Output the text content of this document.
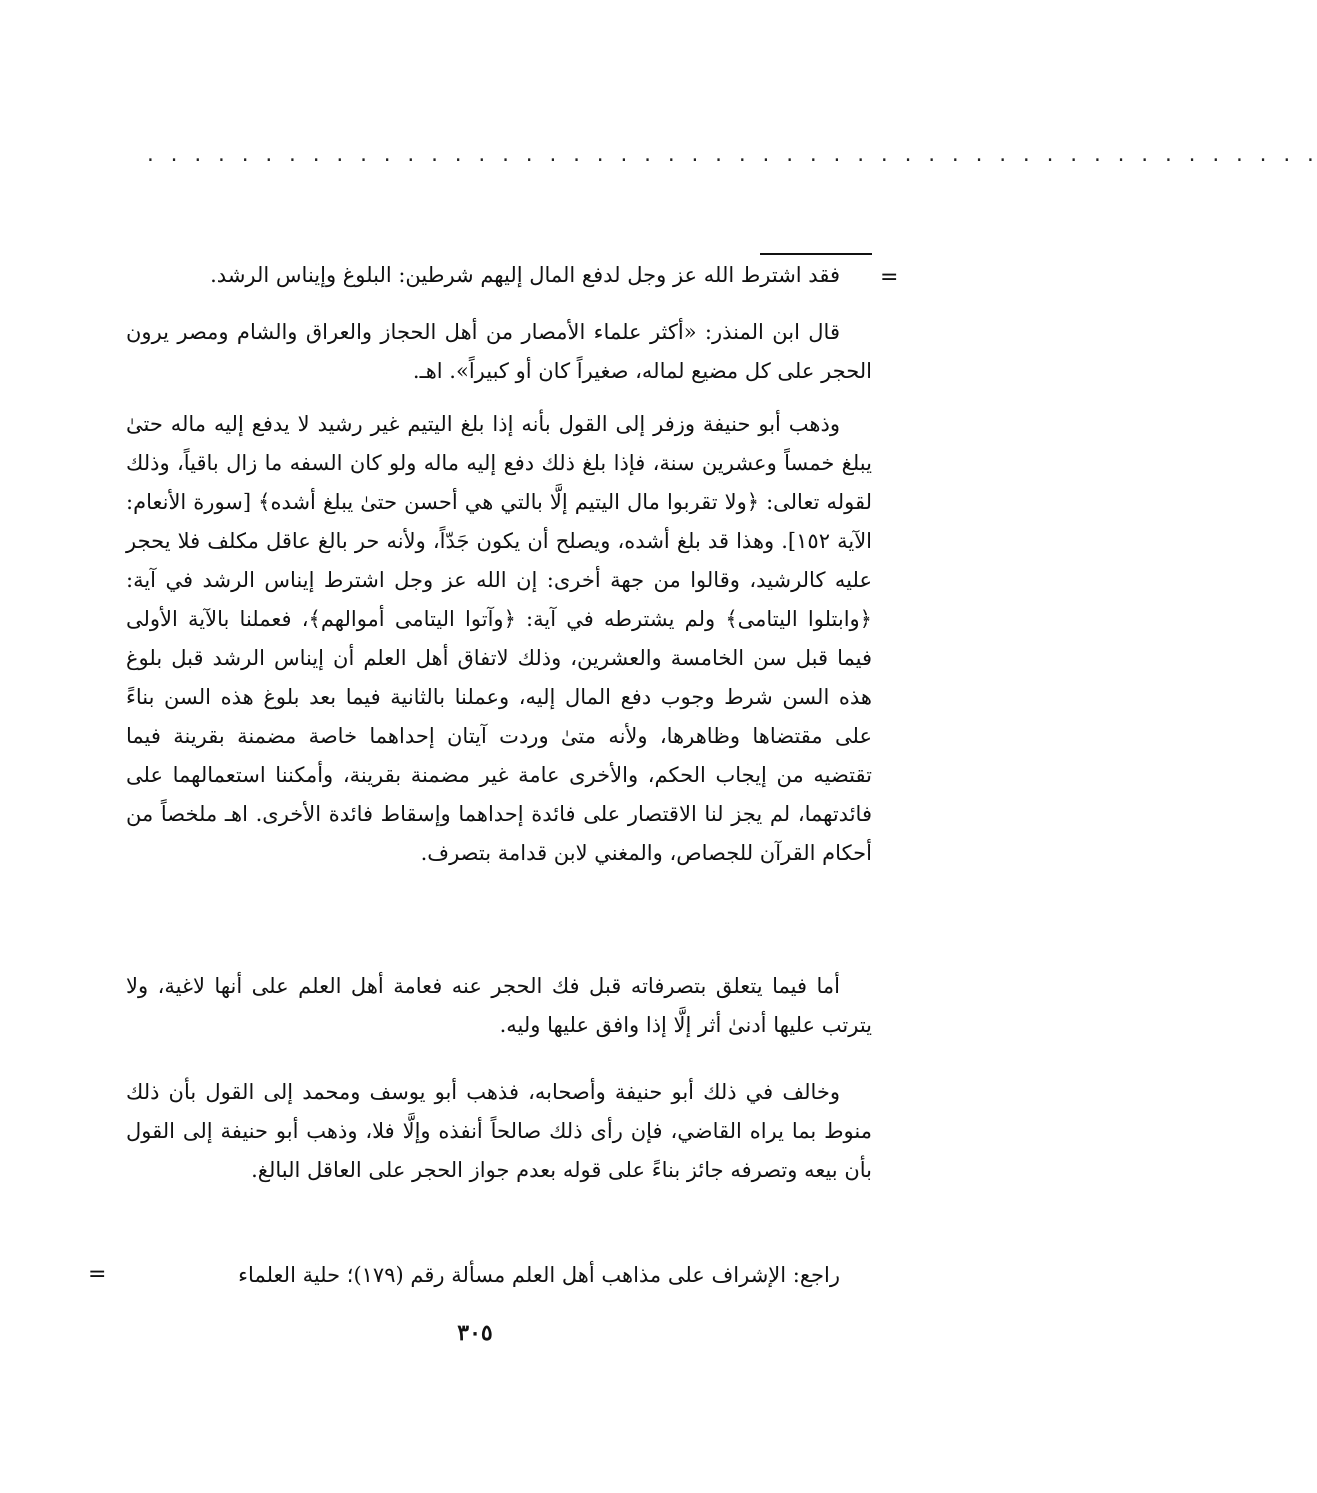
. . . . . . . . . . . . . . . . . . . . . . . . . . . . . . . . . . . . . . . . . . . . . . . . . .
=
فقد اشترط الله عز وجل لدفع المال إليهم شرطين: البلوغ وإيناس الرشد.
قال ابن المنذر: «أكثر علماء الأمصار من أهل الحجاز والعراق والشام ومصر يرون الحجر على كل مضيع لماله، صغيراً كان أو كبيراً». اهـ.
وذهب أبو حنيفة وزفر إلى القول بأنه إذا بلغ اليتيم غير رشيد لا يدفع إليه ماله حتىٰ يبلغ خمساً وعشرين سنة، فإذا بلغ ذلك دفع إليه ماله ولو كان السفه ما زال باقياً، وذلك لقوله تعالى: ﴿ولا تقربوا مال اليتيم إلَّا بالتي هي أحسن حتىٰ يبلغ أشده﴾ [سورة الأنعام: الآية ١٥٢]. وهذا قد بلغ أشده، ويصلح أن يكون جَدّاً، ولأنه حر بالغ عاقل مكلف فلا يحجر عليه كالرشيد، وقالوا من جهة أخرى: إن الله عز وجل اشترط إيناس الرشد في آية: ﴿وابتلوا اليتامى﴾ ولم يشترطه في آية: ﴿وآتوا اليتامى أموالهم﴾، فعملنا بالآية الأولى فيما قبل سن الخامسة والعشرين، وذلك لاتفاق أهل العلم أن إيناس الرشد قبل بلوغ هذه السن شرط وجوب دفع المال إليه، وعملنا بالثانية فيما بعد بلوغ هذه السن بناءً على مقتضاها وظاهرها، ولأنه متىٰ وردت آيتان إحداهما خاصة مضمنة بقرينة فيما تقتضيه من إيجاب الحكم، والأخرى عامة غير مضمنة بقرينة، وأمكننا استعمالهما على فائدتهما، لم يجز لنا الاقتصار على فائدة إحداهما وإسقاط فائدة الأخرى. اهـ ملخصاً من أحكام القرآن للجصاص، والمغني لابن قدامة بتصرف.
أما فيما يتعلق بتصرفاته قبل فك الحجر عنه فعامة أهل العلم على أنها لاغية، ولا يترتب عليها أدنىٰ أثر إلَّا إذا وافق عليها وليه.
وخالف في ذلك أبو حنيفة وأصحابه، فذهب أبو يوسف ومحمد إلى القول بأن ذلك منوط بما يراه القاضي، فإن رأى ذلك صالحاً أنفذه وإلَّا فلا، وذهب أبو حنيفة إلى القول بأن بيعه وتصرفه جائز بناءً على قوله بعدم جواز الحجر على العاقل البالغ.
راجع: الإشراف على مذاهب أهل العلم مسألة رقم (١٧٩)؛ حلية العلماء
=
٣٠٥
